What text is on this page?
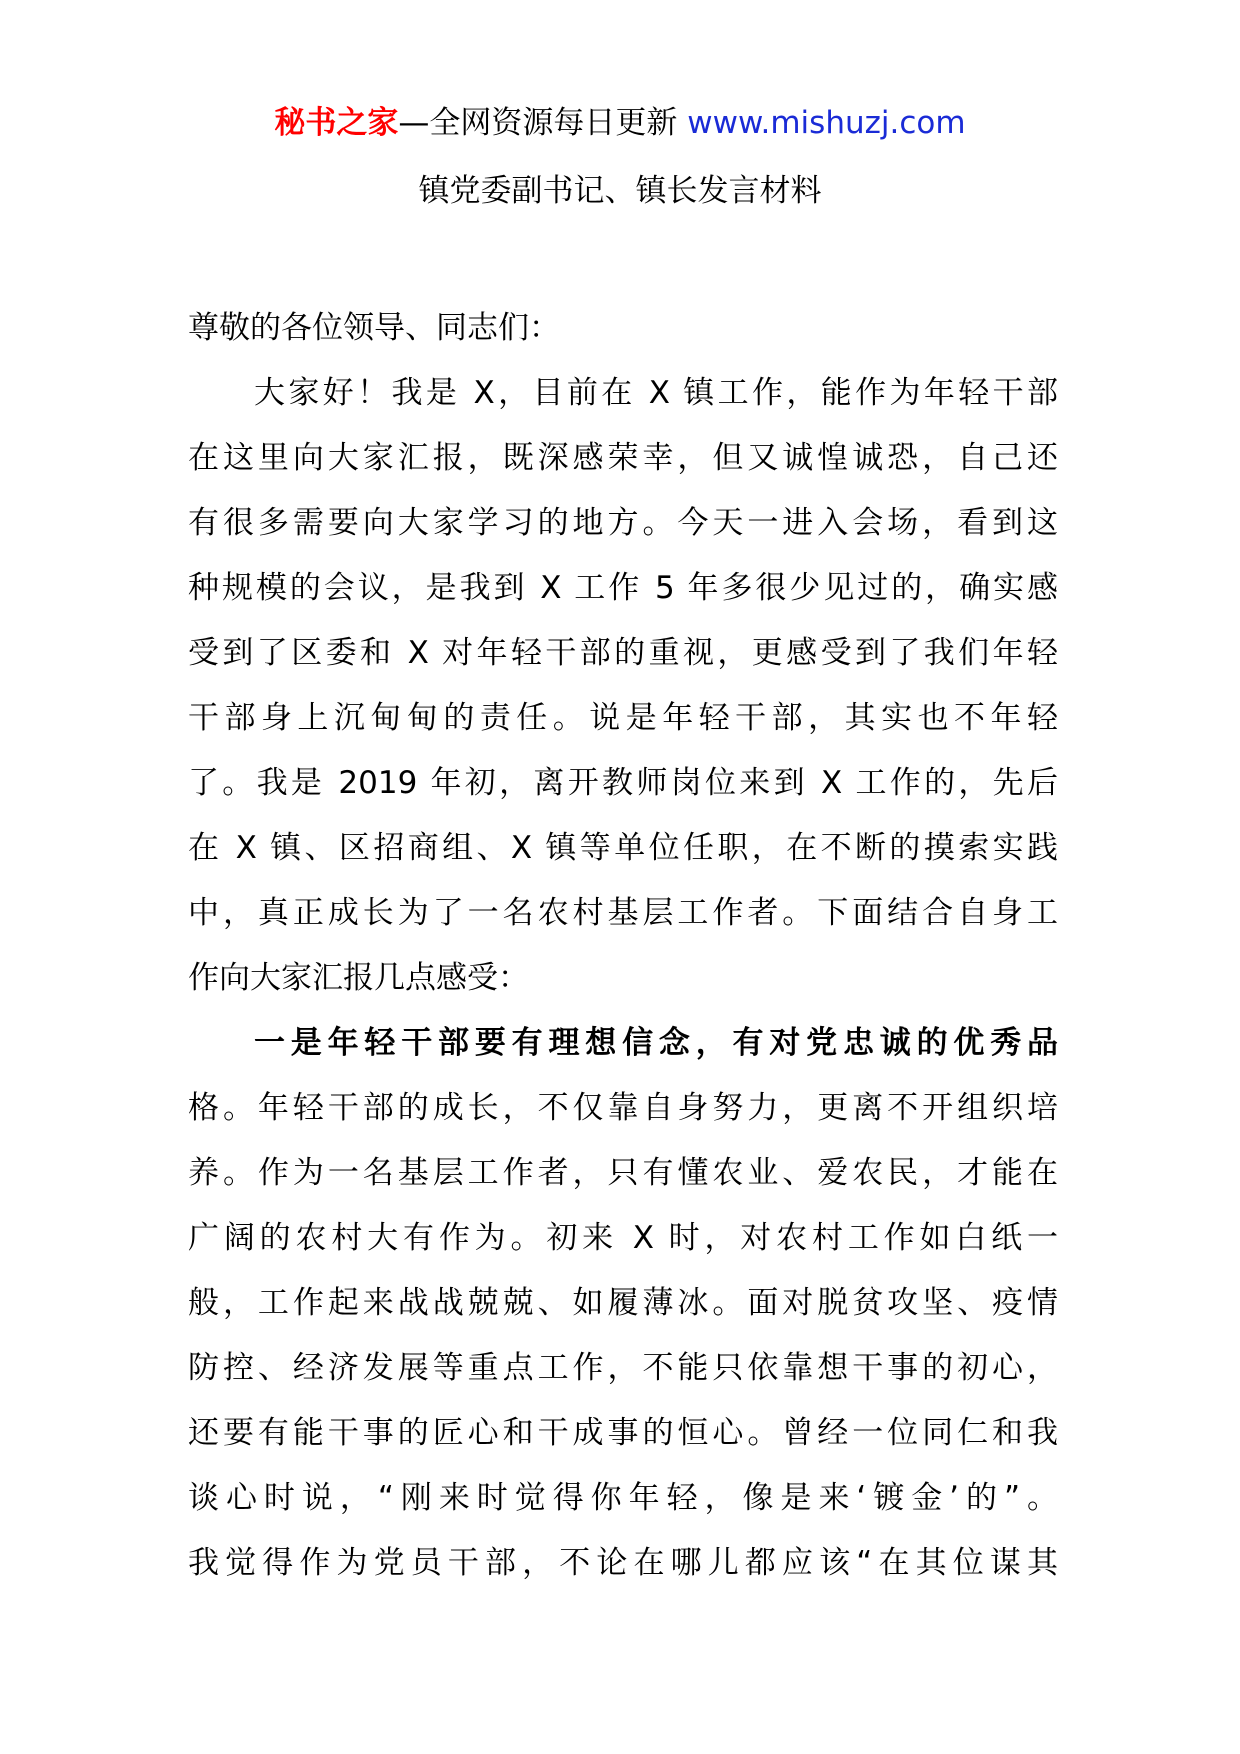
秘书之家—全网资源每日更新 www.mishuzj.com
镇党委副书记、镇长发言材料
尊敬的各位领导、同志们：
大家好！我是 X，目前在 X 镇工作，能作为年轻干部
在这里向大家汇报，既深感荣幸，但又诚惶诚恐，自己还
有很多需要向大家学习的地方。今天一进入会场，看到这
种规模的会议，是我到 X 工作 5 年多很少见过的，确实感
受到了区委和 X 对年轻干部的重视，更感受到了我们年轻
干部身上沉甸甸的责任。说是年轻干部，其实也不年轻
了。我是 2019 年初，离开教师岗位来到 X 工作的，先后
在 X 镇、区招商组、X 镇等单位任职，在不断的摸索实践
中，真正成长为了一名农村基层工作者。下面结合自身工
作向大家汇报几点感受：
一是年轻干部要有理想信念，有对党忠诚的优秀品
格。年轻干部的成长，不仅靠自身努力，更离不开组织培
养。作为一名基层工作者，只有懂农业、爱农民，才能在
广阔的农村大有作为。初来 X 时，对农村工作如白纸一
般，工作起来战战兢兢、如履薄冰。面对脱贫攻坚、疫情
防控、经济发展等重点工作，不能只依靠想干事的初心，
还要有能干事的匠心和干成事的恒心。曾经一位同仁和我
谈心时说，“刚来时觉得你年轻，像是来‘镀金’的”。
我觉得作为党员干部，不论在哪儿都应该“在其位谋其
